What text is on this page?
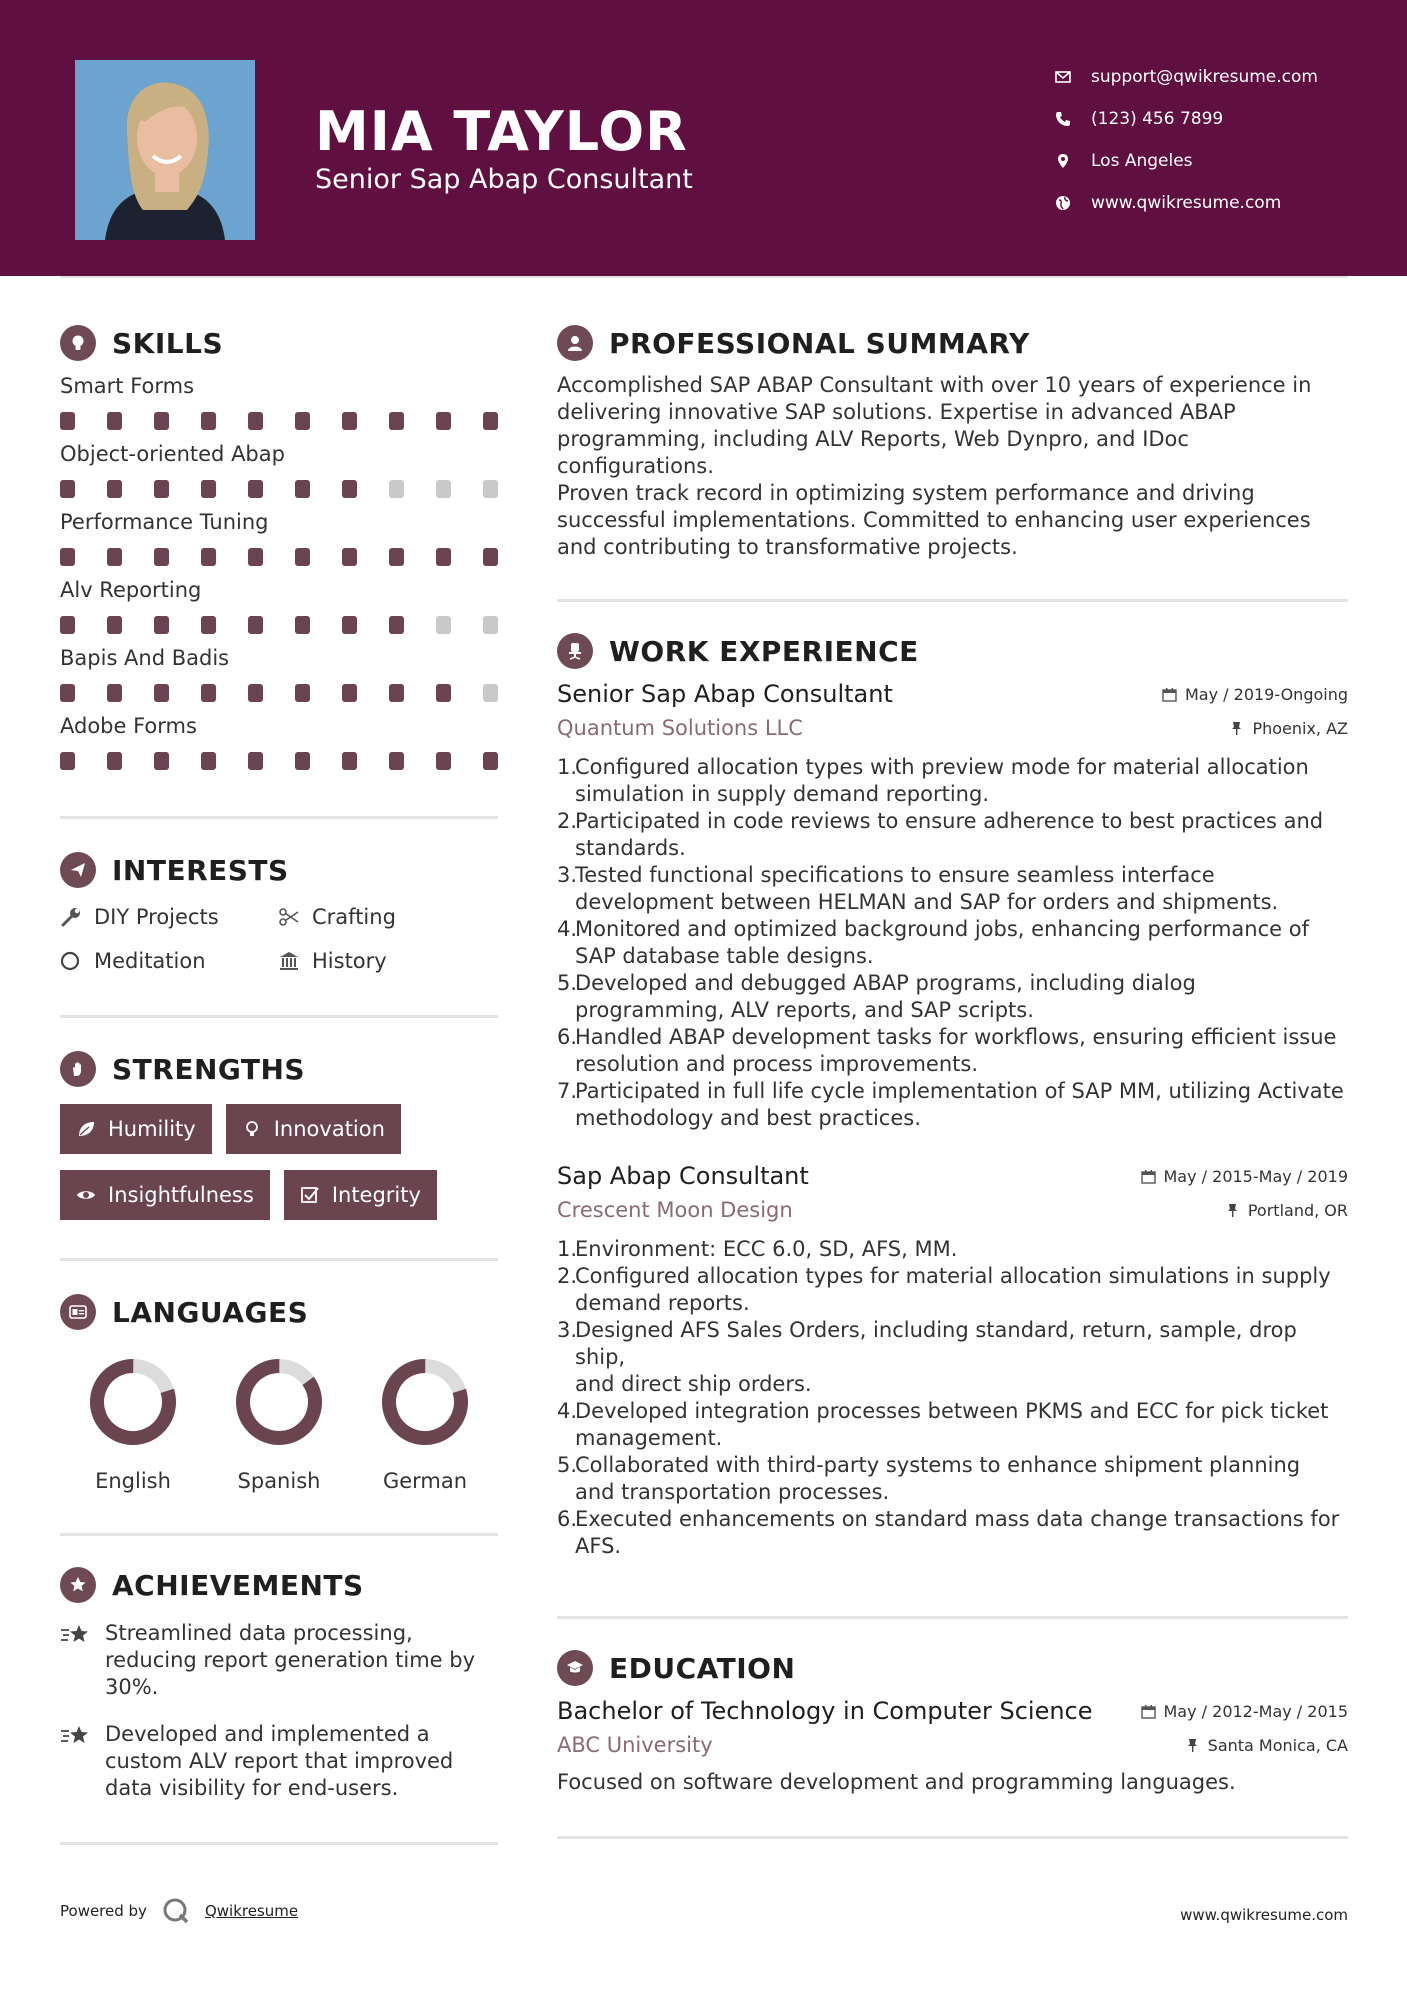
MIA TAYLOR
Senior Sap Abap Consultant
support@qwikresume.com
(123) 456 7899
Los Angeles
www.qwikresume.com
SKILLS
Smart Forms
Object-oriented Abap
Performance Tuning
Alv Reporting
Bapis And Badis
Adobe Forms
INTERESTS
DIY Projects	Crafting
Meditation	History
STRENGTHS
Humility	Innovation
Insightfulness	Integrity
LANGUAGES
English	Spanish	German
ACHIEVEMENTS
Streamlined data processing,
reducing report generation time by
30%.
Developed and implemented a
custom ALV report that improved
data visibility for end-users.
PROFESSIONAL SUMMARY
Accomplished SAP ABAP Consultant with over 10 years of experience in
delivering innovative SAP solutions. Expertise in advanced ABAP
programming, including ALV Reports, Web Dynpro, and IDoc configurations.
Proven track record in optimizing system performance and driving
successful implementations. Committed to enhancing user experiences
and contributing to transformative projects.
WORK EXPERIENCE
Senior Sap Abap Consultant	May / 2019-Ongoing
Quantum Solutions LLC	Phoenix, AZ
1.
Configured allocation types with preview mode for material allocation
simulation in supply demand reporting.
2.
Participated in code reviews to ensure adherence to best practices and
standards.
3.
Tested functional specifications to ensure seamless interface
development between HELMAN and SAP for orders and shipments.
4.
Monitored and optimized background jobs, enhancing performance of
SAP database table designs.
5.
Developed and debugged ABAP programs, including dialog
programming, ALV reports, and SAP scripts.
6.
Handled ABAP development tasks for workflows, ensuring efficient issue
resolution and process improvements.
7.
Participated in full life cycle implementation of SAP MM, utilizing Activate
methodology and best practices.
Sap Abap Consultant	May / 2015-May / 2019
Crescent Moon Design	Portland, OR
1.
Environment: ECC 6.0, SD, AFS, MM.
2.
Configured allocation types for material allocation simulations in supply
demand reports.
3.
Designed AFS Sales Orders, including standard, return, sample, drop ship,
and direct ship orders.
4.
Developed integration processes between PKMS and ECC for pick ticket
management.
5.
Collaborated with third-party systems to enhance shipment planning
and transportation processes.
6.
Executed enhancements on standard mass data change transactions for
AFS.
EDUCATION
Bachelor of Technology in Computer Science	May / 2012-May / 2015
ABC University	Santa Monica, CA
Focused on software development and programming languages.
Powered by	Qwikresume	www.qwikresume.com
